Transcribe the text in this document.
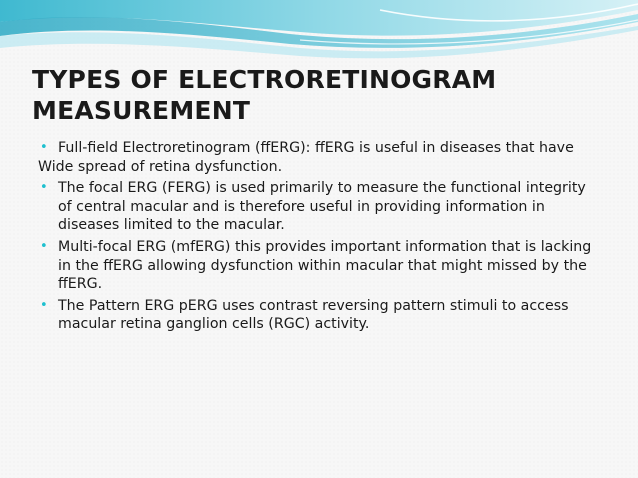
TYPES OF ELECTRORETINOGRAM
MEASUREMENT
• Full-field Electroretinogram (ffERG): ffERG is useful in diseases that have
Wide spread of retina dysfunction.
• The focal ERG (FERG) is used primarily to measure the functional integrity of central macular and is therefore useful in providing information in diseases limited to the macular.
• Multi-focal ERG (mfERG) this provides important information that is lacking in the ffERG allowing dysfunction within macular that might missed by the ffERG.
• The Pattern ERG pERG uses contrast reversing pattern stimuli to access macular retina ganglion cells (RGC) activity.
